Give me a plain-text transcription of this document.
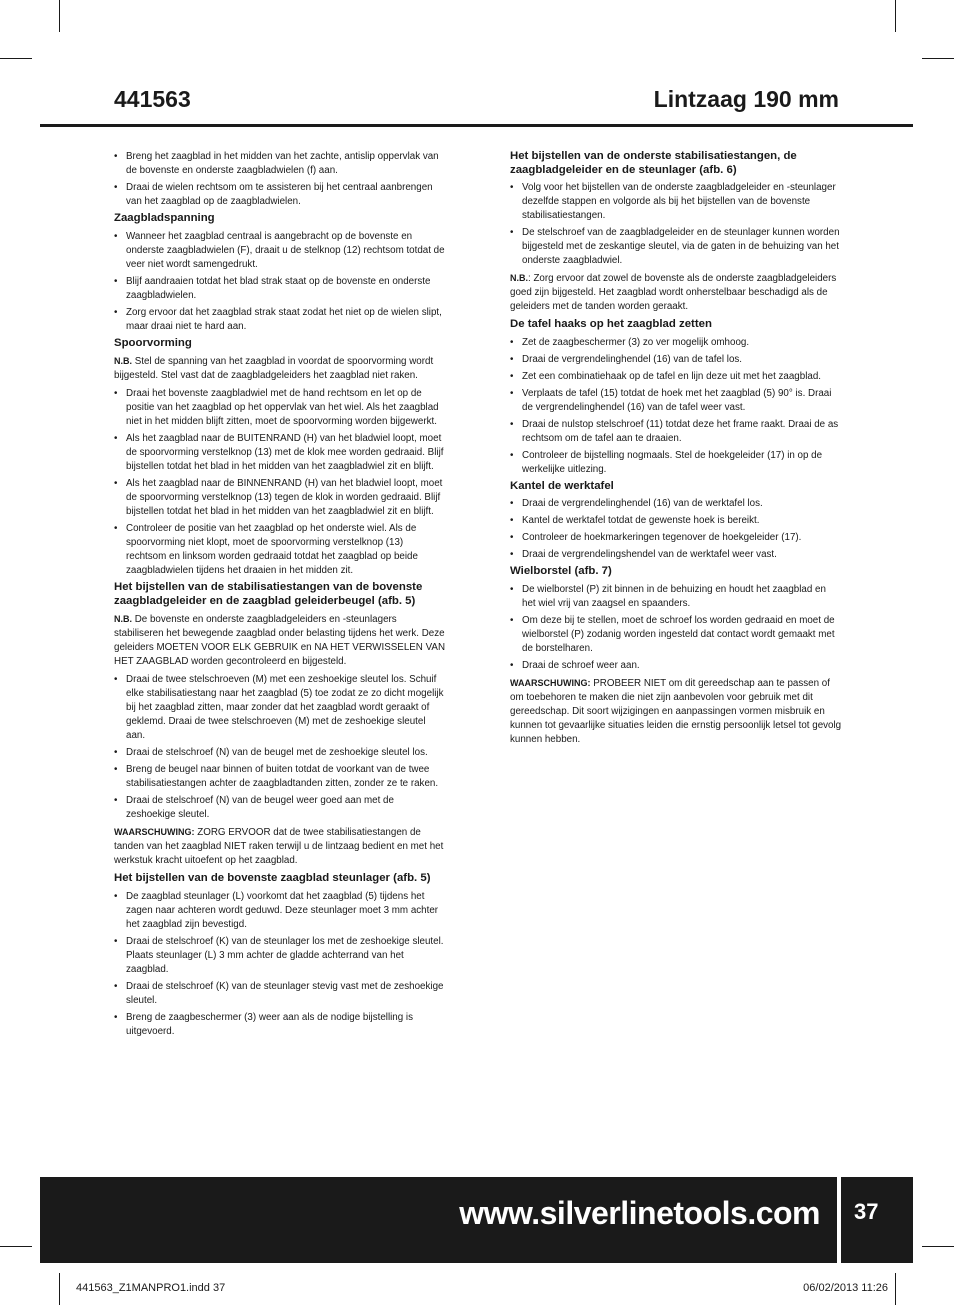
441563	Lintzaag 190 mm
• Breng het zaagblad in het midden van het zachte, antislip oppervlak van de bovenste en onderste zaagbladwielen (f) aan.
• Draai de wielen rechtsom om te assisteren bij het centraal aanbrengen van het zaagblad op de zaagbladwielen.
Zaagbladspanning
• Wanneer het zaagblad centraal is aangebracht op de bovenste en onderste zaagbladwielen (F), draait u de stelknop (12) rechtsom totdat de veer niet wordt samengedrukt.
• Blijf aandraaien totdat het blad strak staat op de bovenste en onderste zaagbladwielen.
• Zorg ervoor dat het zaagblad strak staat zodat het niet op de wielen slipt, maar draai niet te hard aan.
Spoorvorming
N.B. Stel de spanning van het zaagblad in voordat de spoorvorming wordt bijgesteld. Stel vast dat de zaagbladgeleiders het zaagblad niet raken.
• Draai het bovenste zaagbladwiel met de hand rechtsom en let op de positie van het zaagblad op het oppervlak van het wiel. Als het zaagblad niet in het midden blijft zitten, moet de spoorvorming worden bijgewerkt.
• Als het zaagblad naar de BUITENRAND (H) van het bladwiel loopt, moet de spoorvorming verstelknop (13) met de klok mee worden gedraaid. Blijf bijstellen totdat het blad in het midden van het zaagbladwiel zit en blijft.
• Als het zaagblad naar de BINNENRAND (H) van het bladwiel loopt, moet de spoorvorming verstelknop (13) tegen de klok in worden gedraaid. Blijf bijstellen totdat het blad in het midden van het zaagbladwiel zit en blijft.
• Controleer de positie van het zaagblad op het onderste wiel. Als de spoorvorming niet klopt, moet de spoorvorming verstelknop (13) rechtsom en linksom worden gedraaid totdat het zaagblad op beide zaagbladwielen tijdens het draaien in het midden zit.
Het bijstellen van de stabilisatiestangen van de bovenste zaagbladgeleider en de zaagblad geleiderbeugel (afb. 5)
N.B. De bovenste en onderste zaagbladgeleiders en -steunlagers stabiliseren het bewegende zaagblad onder belasting tijdens het werk. Deze geleiders MOETEN VOOR ELK GEBRUIK en NA HET VERWISSELEN VAN HET ZAAGBLAD worden gecontroleerd en bijgesteld.
• Draai de twee stelschroeven (M) met een zeshoekige sleutel los. Schuif elke stabilisatiestang naar het zaagblad (5) toe zodat ze zo dicht mogelijk bij het zaagblad zitten, maar zonder dat het zaagblad wordt geraakt of geklemd. Draai de twee stelschroeven (M) met de zeshoekige sleutel aan.
• Draai de stelschroef (N) van de beugel met de zeshoekige sleutel los.
• Breng de beugel naar binnen of buiten totdat de voorkant van de twee stabilisatiestangen achter de zaagbladtanden zitten, zonder ze te raken.
• Draai de stelschroef (N) van de beugel weer goed aan met de zeshoekige sleutel.
WAARSCHUWING: ZORG ERVOOR dat de twee stabilisatiestangen de tanden van het zaagblad NIET raken terwijl u de lintzaag bedient en met het werkstuk kracht uitoefent op het zaagblad.
Het bijstellen van de bovenste zaagblad steunlager (afb. 5)
• De zaagblad steunlager (L) voorkomt dat het zaagblad (5) tijdens het zagen naar achteren wordt geduwd. Deze steunlager moet 3 mm achter het zaagblad zijn bevestigd.
• Draai de stelschroef (K) van de steunlager los met de zeshoekige sleutel. Plaats steunlager (L) 3 mm achter de gladde achterrand van het zaagblad.
• Draai de stelschroef (K) van de steunlager stevig vast met de zeshoekige sleutel.
• Breng de zaagbeschermer (3) weer aan als de nodige bijstelling is uitgevoerd.
Het bijstellen van de onderste stabilisatiestangen, de zaagbladgeleider en de steunlager (afb. 6)
• Volg voor het bijstellen van de onderste zaagbladgeleider en -steunlager dezelfde stappen en volgorde als bij het bijstellen van de bovenste stabilisatiestangen.
• De stelschroef van de zaagbladgeleider en de steunlager kunnen worden bijgesteld met de zeskantige sleutel, via de gaten in de behuizing van het onderste zaagbladwiel.
N.B.: Zorg ervoor dat zowel de bovenste als de onderste zaagbladgeleiders goed zijn bijgesteld. Het zaagblad wordt onherstelbaar beschadigd als de geleiders met de tanden worden geraakt.
De tafel haaks op het zaagblad zetten
• Zet de zaagbeschermer (3) zo ver mogelijk omhoog.
• Draai de vergrendelinghendel (16) van de tafel los.
• Zet een combinatiehaak op de tafel en lijn deze uit met het zaagblad.
• Verplaats de tafel (15) totdat de hoek met het zaagblad (5) 90° is. Draai de vergrendelinghendel (16) van de tafel weer vast.
• Draai de nulstop stelschroef (11) totdat deze het frame raakt. Draai de as rechtsom om de tafel aan te draaien.
• Controleer de bijstelling nogmaals. Stel de hoekgeleider (17) in op de werkelijke uitlezing.
Kantel de werktafel
• Draai de vergrendelinghendel (16) van de werktafel los.
• Kantel de werktafel totdat de gewenste hoek is bereikt.
• Controleer de hoekmarkeringen tegenover de hoekgeleider (17).
• Draai de vergrendelingshendel van de werktafel weer vast.
Wielborstel (afb. 7)
• De wielborstel (P) zit binnen in de behuizing en houdt het zaagblad en het wiel vrij van zaagsel en spaanders.
• Om deze bij te stellen, moet de schroef los worden gedraaid en moet de wielborstel (P) zodanig worden ingesteld dat contact wordt gemaakt met de borstelharen.
• Draai de schroef weer aan.
WAARSCHUWING: PROBEER NIET om dit gereedschap aan te passen of om toebehoren te maken die niet zijn aanbevolen voor gebruik met dit gereedschap. Dit soort wijzigingen en aanpassingen vormen misbruik en kunnen tot gevaarlijke situaties leiden die ernstig persoonlijk letsel tot gevolg kunnen hebben.
www.silverlinetools.com 37
441563_Z1MANPRO1.indd 37	06/02/2013 11:26
